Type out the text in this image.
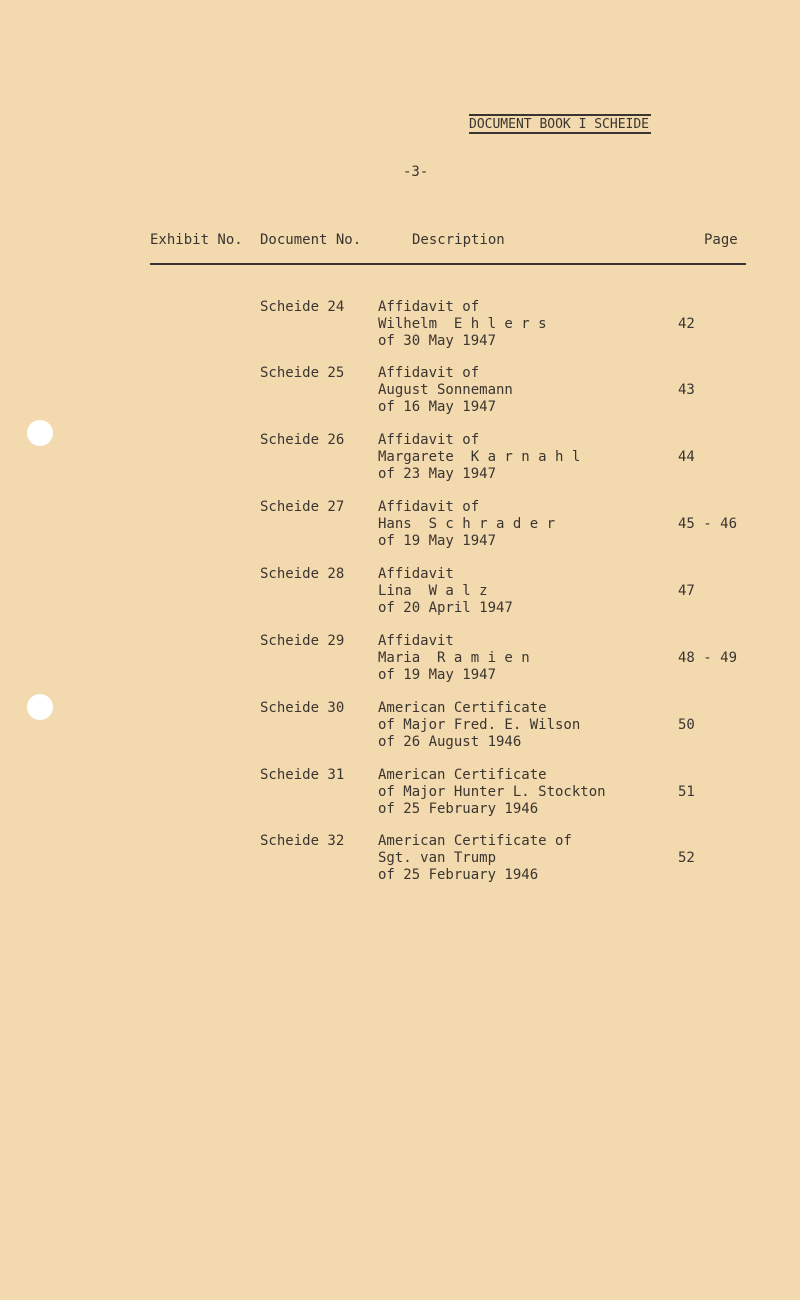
DOCUMENT BOOK I SCHEIDE
-3-
Exhibit No. Document No.	Description	Page
Scheide 24 Affidavit of
Wilhelm  E h l e r s
of 30 May 1947
42
Scheide 25 Affidavit of
August Sonnemann
of 16 May 1947
43
Scheide 26 Affidavit of
Margarete  K a r n a h l
of 23 May 1947
44
Scheide 27 Affidavit of
Hans  S c h r a d e r
of 19 May 1947
45 - 46
Scheide 28 Affidavit
Lina  W a l z
of 20 April 1947
47
Scheide 29 Affidavit
Maria  R a m i e n
of 19 May 1947
48 - 49
Scheide 30 American Certificate
of Major Fred. E. Wilson
of 26 August 1946
50
Scheide 31 American Certificate
of Major Hunter L. Stockton
of 25 February 1946
51
Scheide 32 American Certificate of
Sgt. van Trump
of 25 February 1946
52
